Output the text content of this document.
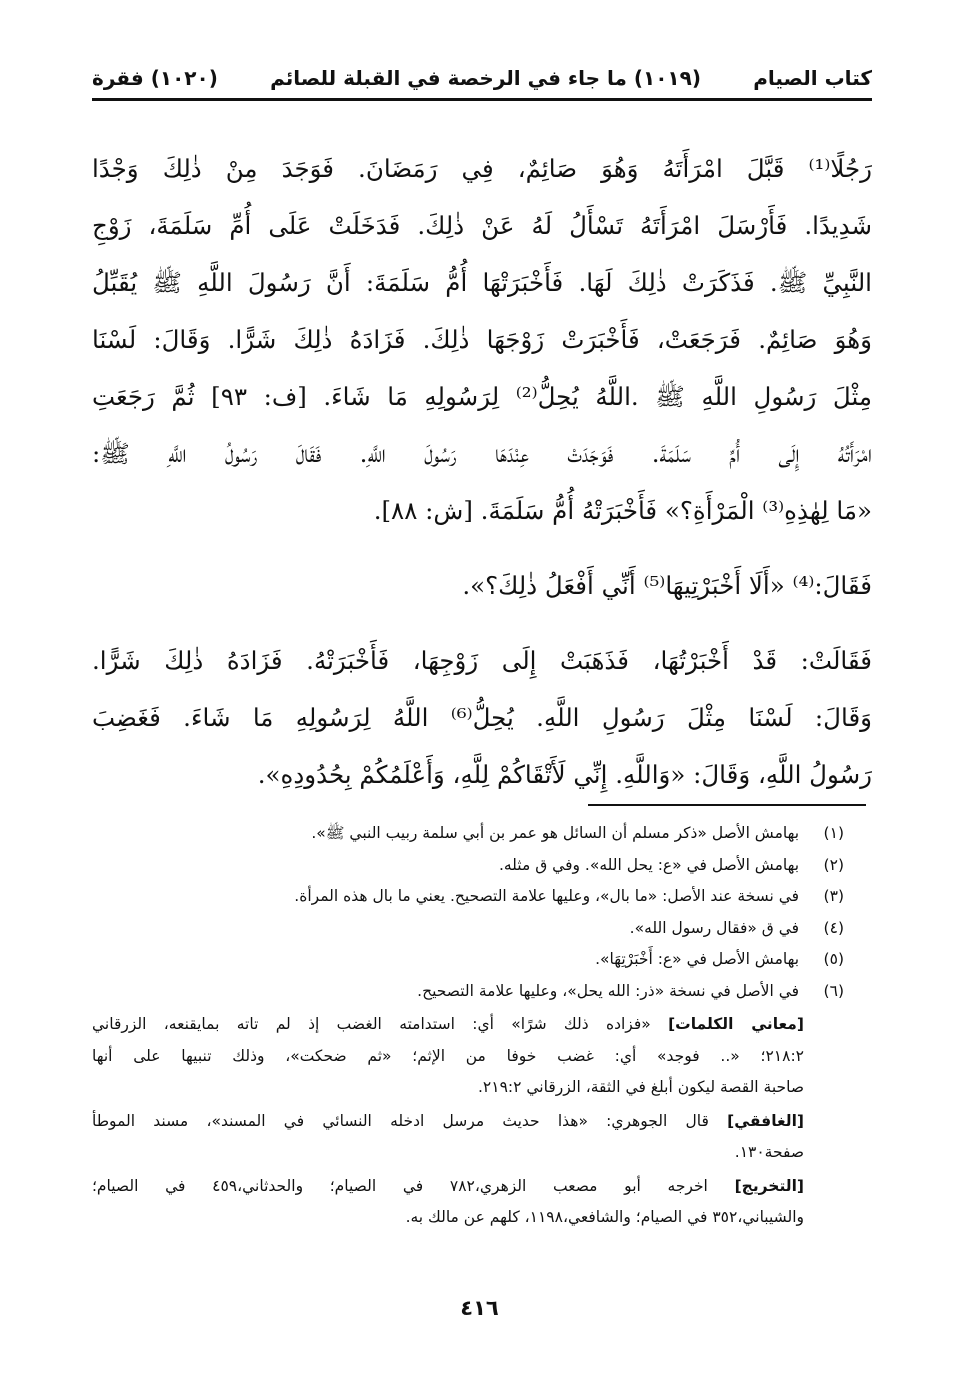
كتاب الصيام
(١٠١٩) ما جاء في الرخصة في القبلة للصائم
(١٠٢٠) فقرة
رَجُلًا⁽¹⁾ قَبَّلَ امْرَأَتَهُ وَهُوَ صَائِمٌ، فِي رَمَضَانَ. فَوَجَدَ مِنْ ذٰلِكَ وَجْدًا
شَدِيدًا. فَأَرْسَلَ امْرَأَتَهُ تَسْأَلُ لَهُ عَنْ ذٰلِكَ. فَدَخَلَتْ عَلَى أُمِّ سَلَمَةَ، زَوْجِ
النَّبِيِّ ﷺ. فَذَكَرَتْ ذٰلِكَ لَهَا. فَأَخْبَرَتْهَا أُمُّ سَلَمَةَ: أَنَّ رَسُولَ اللَّهِ ﷺ يُقَبِّلُ
وَهُوَ صَائِمٌ. فَرَجَعَتْ، فَأَخْبَرَتْ زَوْجَهَا ذٰلِكَ. فَزَادَهُ ذٰلِكَ شَرًّا. وَقَالَ: لَسْنَا
مِثْلَ رَسُولِ اللَّهِ ﷺ .اللَّهُ يُحِلُّ⁽²⁾ لِرَسُولِهِ مَا شَاءَ. [ف: ٩٣] ثُمَّ رَجَعَتِ
امْرَأَتُهُ إِلَى أُمِّ سَلَمَةَ. فَوَجَدَتْ عِنْدَهَا رَسُولَ اللَّهِ. فَقَالَ رَسُولُ اللَّهِ ﷺ:
«مَا لِهٰذِهِ⁽³⁾ الْمَرْأَةِ؟» فَأَخْبَرَتْهُ أُمُّ سَلَمَةَ. [ش: ٨٨].
فَقَالَ:⁽⁴⁾ «أَلَا أَخْبَرْتِيهَا⁽⁵⁾ أَنِّي أَفْعَلُ ذٰلِكَ؟».
فَقَالَتْ: قَدْ أَخْبَرْتُهَا، فَذَهَبَتْ إِلَى زَوْجِهَا، فَأَخْبَرَتْهُ. فَزَادَهُ ذٰلِكَ شَرًّا.
وَقَالَ: لَسْنَا مِثْلَ رَسُولِ اللَّهِ. يُحِلُّ⁽⁶⁾ اللَّهُ لِرَسُولِهِ مَا شَاءَ. فَغَضِبَ
رَسُولُ اللَّهِ، وَقَالَ: «وَاللَّهِ. إِنِّي لَأَتْقَاكُمْ لِلَّهِ، وَأَعْلَمُكُمْ بِحُدُودِهِ».
(١) بهامش الأصل «ذكر مسلم أن السائل هو عمر بن أبي سلمة ربيب النبي ﷺ».
(٢) بهامش الأصل في «ع: يحل الله». وفي ق مثله.
(٣) في نسخة عند الأصل: «ما بال»، وعليها علامة التصحيح. يعني ما بال هذه المرأة.
(٤) في ق «فقال رسول الله».
(٥) بهامش الأصل في «ع: أَخْبَرْتِهَا».
(٦) في الأصل في نسخة «ذر: الله يحل»، وعليها علامة التصحيح.
[معاني الكلمات] «فزاده ذلك شرًا» أي: استدامته الغضب إذ لم تاته بمايقنعه، الزرقاني
٢١٨:٢؛ «.. فوجد» أي: غضب خوفا من الإثم؛ «ثم ضحكت»، وذلك تنبيها على أنها
صاحبة القصة ليكون أبلغ في الثقة، الزرقاني ٢١٩:٢.
[الغافقي] قال الجوهري: «هذا حديث مرسل ادخله النسائي في المسند»، مسند الموطأ
صفحة١٣٠.
[التخريج] اخرجه أبو مصعب الزهري،٧٨٢ في الصيام؛ والحدثاني،٤٥٩ في الصيام؛
والشيباني،٣٥٢ في الصيام؛ والشافعي،١١٩٨، كلهم عن مالك به.
٤١٦
